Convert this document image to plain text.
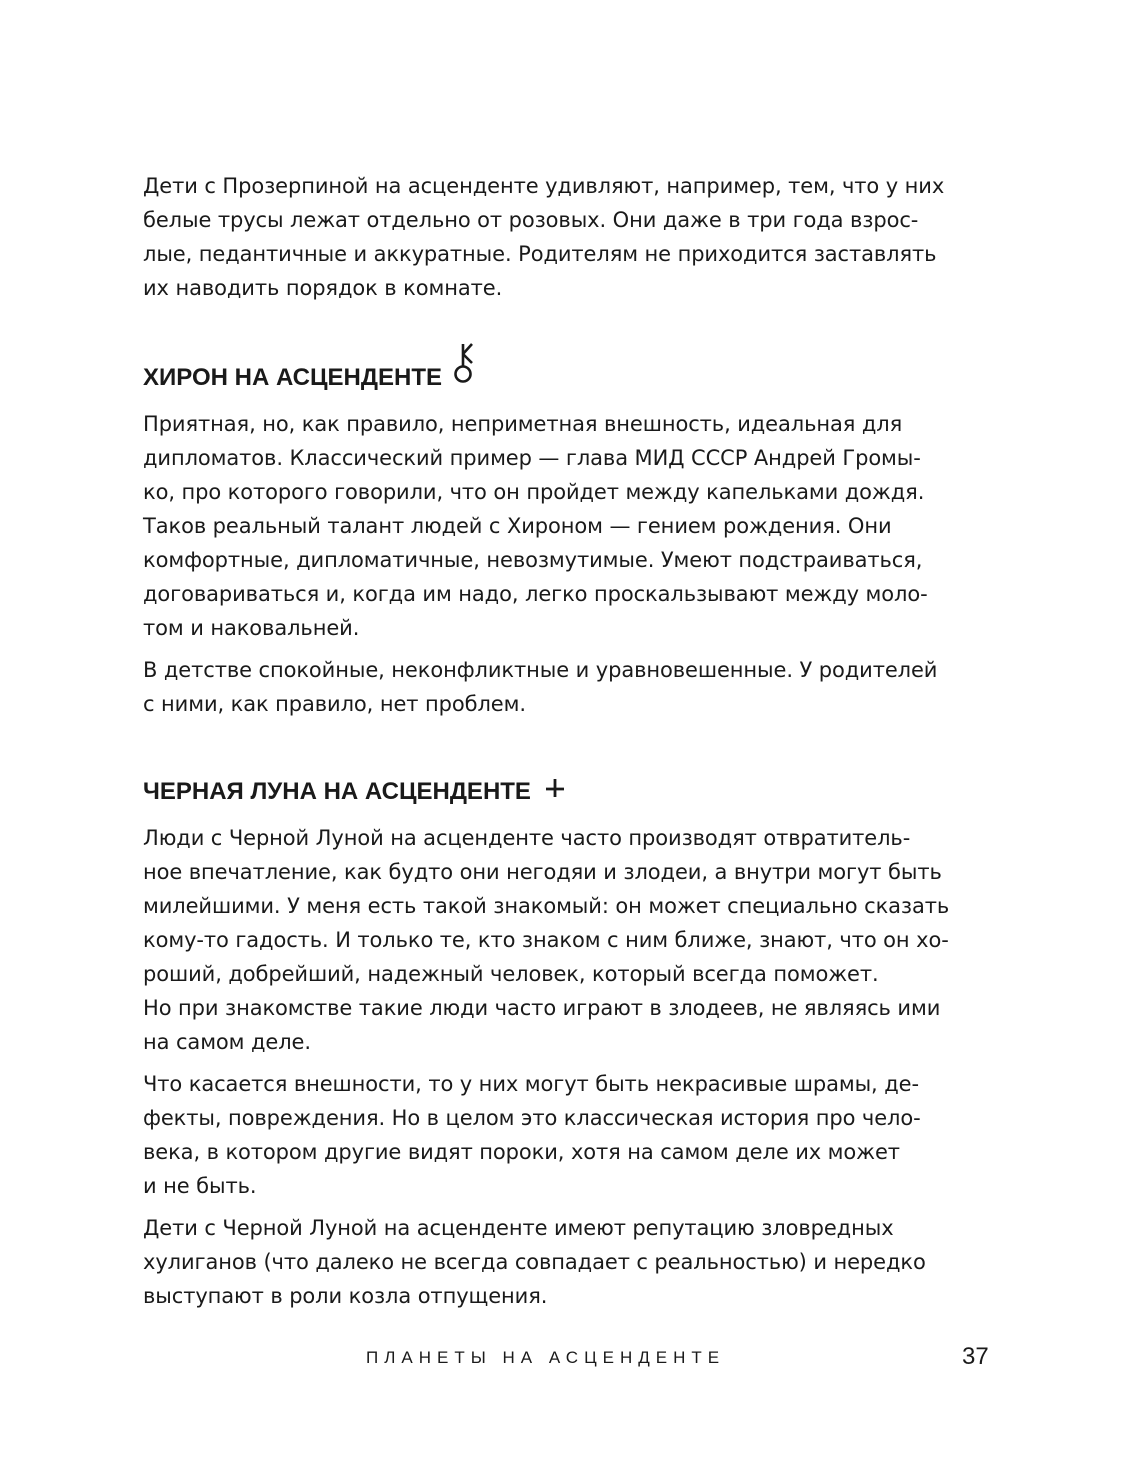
Дети с Прозерпиной на асценденте удивляют, например, тем, что у них
белые трусы лежат отдельно от розовых. Они даже в три года взрос-
лые, педантичные и аккуратные. Родителям не приходится заставлять
их наводить порядок в комнате.

ХИРОН НА АСЦЕНДЕНТЕ

Приятная, но, как правило, неприметная внешность, идеальная для
дипломатов. Классический пример — глава МИД СССР Андрей Громы-
ко, про которого говорили, что он пройдет между капельками дождя.
Таков реальный талант людей с Хироном — гением рождения. Они
комфортные, дипломатичные, невозмутимые. Умеют подстраиваться,
договариваться и, когда им надо, легко проскальзывают между моло-
том и наковальней.

В детстве спокойные, неконфликтные и уравновешенные. У родителей
с ними, как правило, нет проблем.

ЧЕРНАЯ ЛУНА НА АСЦЕНДЕНТЕ

Люди с Черной Луной на асценденте часто производят отвратитель-
ное впечатление, как будто они негодяи и злодеи, а внутри могут быть
милейшими. У меня есть такой знакомый: он может специально сказать
кому-то гадость. И только те, кто знаком с ним ближе, знают, что он хо-
роший, добрейший, надежный человек, который всегда поможет.
Но при знакомстве такие люди часто играют в злодеев, не являясь ими
на самом деле.

Что касается внешности, то у них могут быть некрасивые шрамы, де-
фекты, повреждения. Но в целом это классическая история про чело-
века, в котором другие видят пороки, хотя на самом деле их может
и не быть.

Дети с Черной Луной на асценденте имеют репутацию зловредных
хулиганов (что далеко не всегда совпадает с реальностью) и нередко
выступают в роли козла отпущения.

ПЛАНЕТЫ НА АСЦЕНДЕНТЕ	37
